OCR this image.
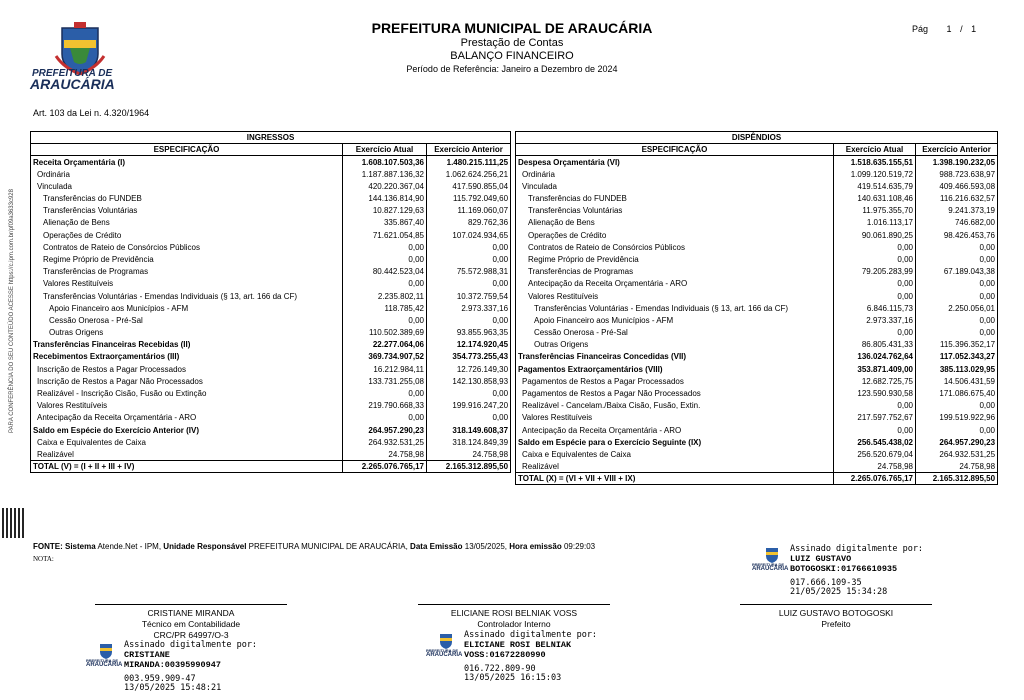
PARA CONFERÊNCIA DO SEU CONTEÚDO ACESSE https://c.ipm.com.br/pf09a3633c928
PREFEITURA DE
ARAUCÁRIA
PREFEITURA MUNICIPAL DE ARAUCÁRIA
Prestação de Contas
BALANÇO FINANCEIRO
Período de Referência: Janeiro a Dezembro de 2024
Pág 1 / 1
Art. 103 da Lei n. 4.320/1964
INGRESSOS		
ESPECIFICAÇÃO	Exercício Atual	Exercício Anterior
Receita Orçamentária (I)	1.608.107.503,36	1.480.215.111,25
Ordinária	1.187.887.136,32	1.062.624.256,21
Vinculada	420.220.367,04	417.590.855,04
Transferências do FUNDEB	144.136.814,90	115.792.049,60
Transferências Voluntárias	10.827.129,63	11.169.060,07
Alienação de Bens	335.867,40	829.762,36
Operações de Crédito	71.621.054,85	107.024.934,65
Contratos de Rateio de Consórcios Públicos	0,00	0,00
Regime Próprio de Previdência	0,00	0,00
Transferências de Programas	80.442.523,04	75.572.988,31
Valores Restituíveis	0,00	0,00
Transferências Voluntárias - Emendas Individuais (§ 13, art. 166 da CF)	2.235.802,11	10.372.759,54
Apoio Financeiro aos Municípios - AFM	118.785,42	2.973.337,16
Cessão Onerosa - Pré-Sal	0,00	0,00
Outras Origens	110.502.389,69	93.855.963,35
Transferências Financeiras Recebidas (II)	22.277.064,06	12.174.920,45
Recebimentos Extraorçamentários (III)	369.734.907,52	354.773.255,43
Inscrição de Restos a Pagar Processados	16.212.984,11	12.726.149,30
Inscrição de Restos a Pagar Não Processados	133.731.255,08	142.130.858,93
Realizável - Inscrição Cisão, Fusão ou Extinção	0,00	0,00
Valores Restituíveis	219.790.668,33	199.916.247,20
Antecipação da Receita Orçamentária - ARO	0,00	0,00
Saldo em Espécie do Exercício Anterior (IV)	264.957.290,23	318.149.608,37
Caixa e Equivalentes de Caixa	264.932.531,25	318.124.849,39
Realizável	24.758,98	24.758,98
TOTAL (V) = (I + II + III + IV)	2.265.076.765,17	2.165.312.895,50
DISPÊNDIOS		
ESPECIFICAÇÃO	Exercício Atual	Exercício Anterior
Despesa Orçamentária (VI)	1.518.635.155,51	1.398.190.232,05
Ordinária	1.099.120.519,72	988.723.638,97
Vinculada	419.514.635,79	409.466.593,08
Transferências do FUNDEB	140.631.108,46	116.216.632,57
Transferências Voluntárias	11.975.355,70	9.241.373,19
Alienação de Bens	1.016.113,17	746.682,00
Operações de Crédito	90.061.890,25	98.426.453,76
Contratos de Rateio de Consórcios Públicos	0,00	0,00
Regime Próprio de Previdência	0,00	0,00
Transferências de Programas	79.205.283,99	67.189.043,38
Antecipação da Receita Orçamentária - ARO	0,00	0,00
Valores Restituíveis	0,00	0,00
Transferências Voluntárias - Emendas Individuais (§ 13, art. 166 da CF)	6.846.115,73	2.250.056,01
Apoio Financeiro aos Municípios - AFM	2.973.337,16	0,00
Cessão Onerosa - Pré-Sal	0,00	0,00
Outras Origens	86.805.431,33	115.396.352,17
Transferências Financeiras Concedidas (VII)	136.024.762,64	117.052.343,27
Pagamentos Extraorçamentários (VIII)	353.871.409,00	385.113.029,95
Pagamentos de Restos a Pagar Processados	12.682.725,75	14.506.431,59
Pagamentos de Restos a Pagar Não Processados	123.590.930,58	171.086.675,40
Realizável - Cancelam./Baixa Cisão, Fusão, Extin.	0,00	0,00
Valores Restituíveis	217.597.752,67	199.519.922,96
Antecipação da Receita Orçamentária - ARO	0,00	0,00
Saldo em Espécie para o Exercício Seguinte (IX)	256.545.438,02	264.957.290,23
Caixa e Equivalentes de Caixa	256.520.679,04	264.932.531,25
Realizável	24.758,98	24.758,98
TOTAL (X) = (VI + VII + VIII + IX)	2.265.076.765,17	2.165.312.895,50
FONTE: Sistema Atende.Net - IPM, Unidade Responsável PREFEITURA MUNICIPAL DE ARAUCÁRIA, Data Emissão 13/05/2025, Hora emissão 09:29:03
NOTA:
CRISTIANE MIRANDA
Técnico em Contabilidade
CRC/PR 64997/O-3
ELICIANE ROSI BELNIAK VOSS
Controlador Interno
LUIZ GUSTAVO BOTOGOSKI
Prefeito
PREFEITURA DE
ARAUCÁRIA
Assinado digitalmente por:
CRISTIANE
MIRANDA:00395990947
003.959.909-47
13/05/2025 15:48:21
PREFEITURA DE
ARAUCÁRIA
Assinado digitalmente por:
ELICIANE ROSI BELNIAK
VOSS:01672280990
016.722.809-90
13/05/2025 16:15:03
PREFEITURA DE
ARAUCÁRIA
Assinado digitalmente por:
LUIZ GUSTAVO
BOTOGOSKI:01766610935
017.666.109-35
21/05/2025 15:34:28
